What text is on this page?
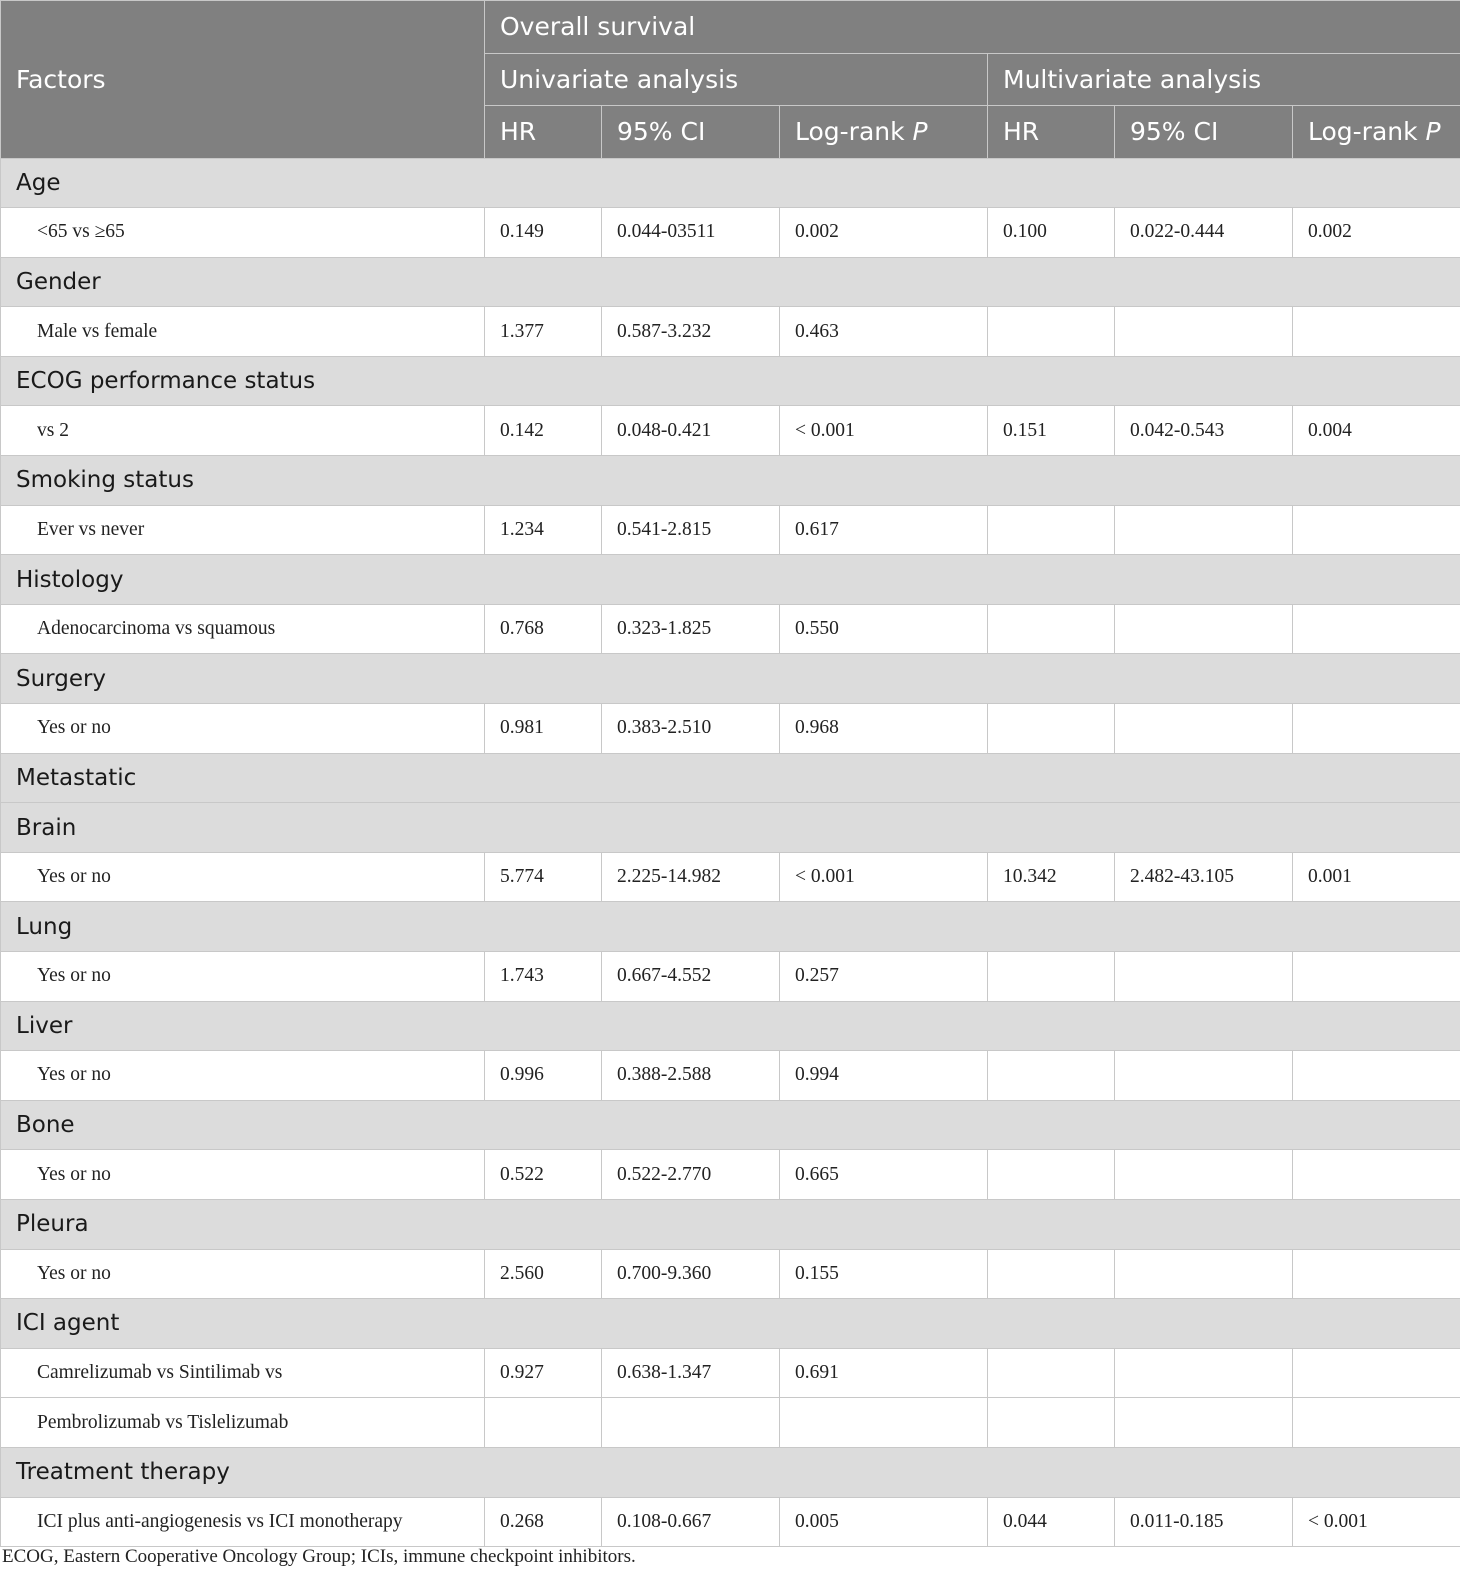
Factors	Overall survival					
	Univariate analysis			Multivariate analysis		
	HR	95% CI	Log-rank P	HR	95% CI	Log-rank P
Age						
<65 vs ≥65	0.149	0.044-03511	0.002	0.100	0.022-0.444	0.002
Gender						
Male vs female	1.377	0.587-3.232	0.463			
ECOG performance status						
vs 2	0.142	0.048-0.421	< 0.001	0.151	0.042-0.543	0.004
Smoking status						
Ever vs never	1.234	0.541-2.815	0.617			
Histology						
Adenocarcinoma vs squamous	0.768	0.323-1.825	0.550			
Surgery						
Yes or no	0.981	0.383-2.510	0.968			
Metastatic						
Brain						
Yes or no	5.774	2.225-14.982	< 0.001	10.342	2.482-43.105	0.001
Lung						
Yes or no	1.743	0.667-4.552	0.257			
Liver						
Yes or no	0.996	0.388-2.588	0.994			
Bone						
Yes or no	0.522	0.522-2.770	0.665			
Pleura						
Yes or no	2.560	0.700-9.360	0.155			
ICI agent						
Camrelizumab vs Sintilimab vs	0.927	0.638-1.347	0.691			
Pembrolizumab vs Tislelizumab						
Treatment therapy						
ICI plus anti-angiogenesis vs ICI monotherapy	0.268	0.108-0.667	0.005	0.044	0.011-0.185	< 0.001
ECOG, Eastern Cooperative Oncology Group; ICIs, immune checkpoint inhibitors.
